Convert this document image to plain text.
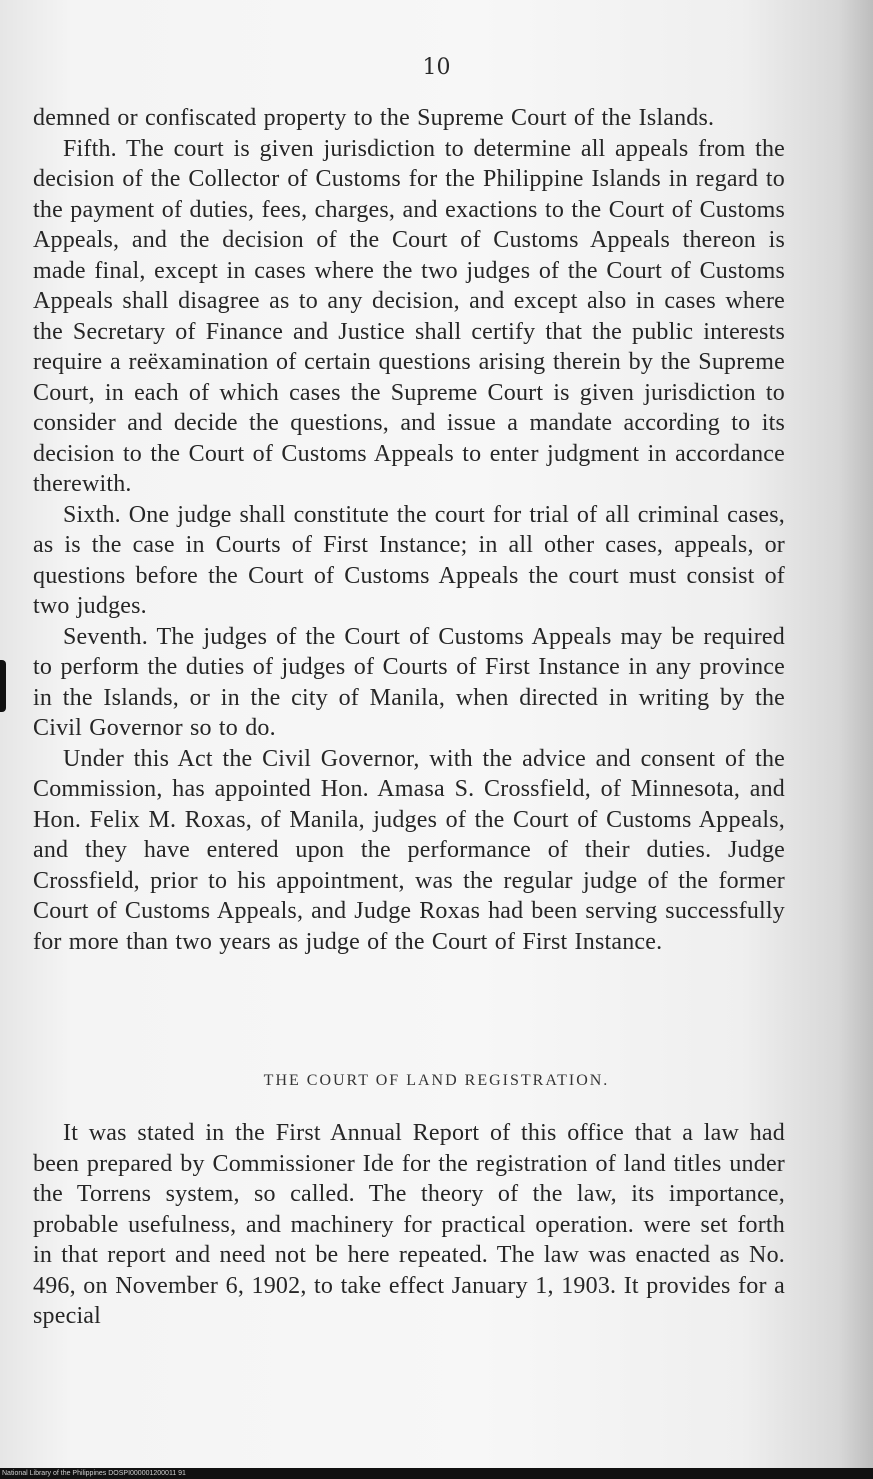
10

demned or confiscated property to the Supreme Court of the Islands.

Fifth. The court is given jurisdiction to determine all appeals from the decision of the Collector of Customs for the Philippine Islands in regard to the payment of duties, fees, charges, and exactions to the Court of Customs Appeals, and the decision of the Court of Customs Appeals thereon is made final, except in cases where the two judges of the Court of Customs Appeals shall disagree as to any decision, and except also in cases where the Secretary of Finance and Justice shall certify that the public interests require a reëxamination of certain questions arising therein by the Supreme Court, in each of which cases the Supreme Court is given jurisdiction to consider and decide the questions, and issue a mandate according to its decision to the Court of Customs Appeals to enter judgment in accordance therewith.

Sixth. One judge shall constitute the court for trial of all criminal cases, as is the case in Courts of First Instance; in all other cases, appeals, or questions before the Court of Customs Appeals the court must consist of two judges.

Seventh. The judges of the Court of Customs Appeals may be required to perform the duties of judges of Courts of First Instance in any province in the Islands, or in the city of Manila, when directed in writing by the Civil Governor so to do.

Under this Act the Civil Governor, with the advice and consent of the Commission, has appointed Hon. Amasa S. Crossfield, of Minnesota, and Hon. Felix M. Roxas, of Manila, judges of the Court of Customs Appeals, and they have entered upon the performance of their duties. Judge Crossfield, prior to his appointment, was the regular judge of the former Court of Customs Appeals, and Judge Roxas had been serving successfully for more than two years as judge of the Court of First Instance.

THE COURT OF LAND REGISTRATION.

It was stated in the First Annual Report of this office that a law had been prepared by Commissioner Ide for the registration of land titles under the Torrens system, so called. The theory of the law, its importance, probable usefulness, and machinery for practical operation. were set forth in that report and need not be here repeated. The law was enacted as No. 496, on November 6, 1902, to take effect January 1, 1903. It provides for a special

National Library of the Philippines DOSPI000001200011 91
